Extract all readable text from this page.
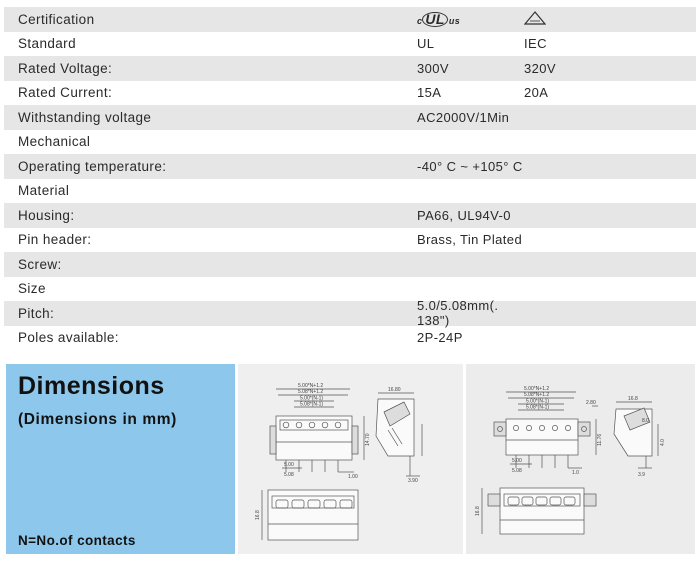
Certification	c UL us
Standard	UL	IEC
Rated Voltage:	300V	320V
Rated Current:	15A	20A
Withstanding voltage	AC2000V/1Min
Mechanical
Operating temperature:	-40° C ~ +105° C
Material
Housing:	PA66, UL94V-0
Pin header:	Brass, Tin Plated
Screw:
Size
Pitch:	5.0/5.08mm(. 138")
Poles available:	2P-24P
Dimensions
(Dimensions in mm)
N=No.of contacts
5.00*N+1.2
5.08*N+1.2
5.00*(N-1)
5.08*(N-1)
16.80
14.70
5.00
5.08	1.00
3.90
16.8
5.00*N+1.2
5.08*N+1.2
5.00*(N-1)
5.08*(N-1)
2.80
11.76
16.8
8.0
4.0
3.9
5.00
5.08	1.0
16.8
